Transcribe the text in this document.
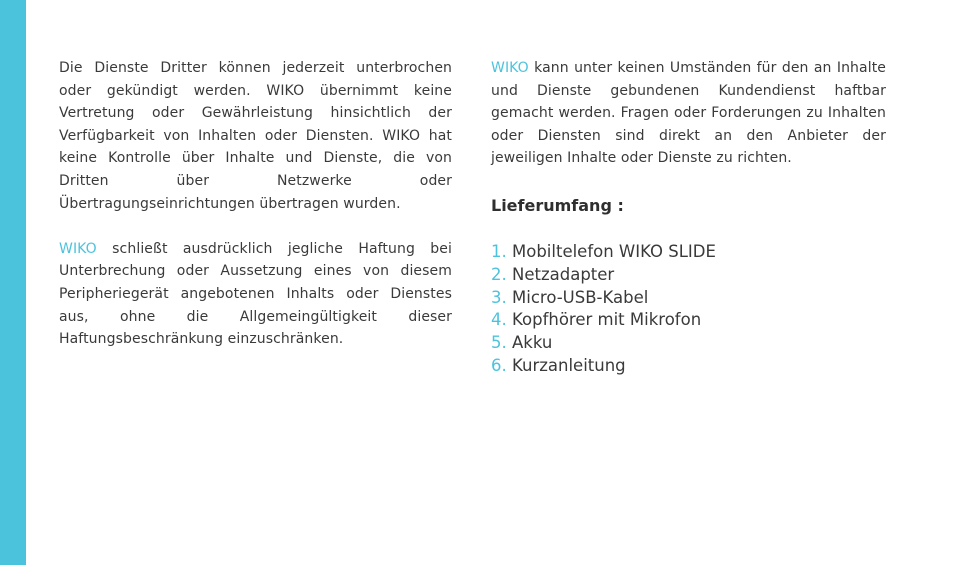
Die Dienste Dritter können jederzeit unterbrochen oder gekündigt werden. WIKO übernimmt keine Vertretung oder Gewährleistung hinsichtlich der Verfügbarkeit von Inhalten oder Diensten. WIKO hat keine Kontrolle über Inhalte und Dienste, die von Dritten über Netzwerke oder Übertragungseinrichtungen übertragen wurden.

WIKO schließt ausdrücklich jegliche Haftung bei Unterbrechung oder Aussetzung eines von diesem Peripheriegerät angebotenen Inhalts oder Dienstes aus, ohne die Allgemeingültigkeit dieser Haftungsbeschränkung einzuschränken.

WIKO kann unter keinen Umständen für den an Inhalte und Dienste gebundenen Kundendienst haftbar gemacht werden. Fragen oder Forderungen zu Inhalten oder Diensten sind direkt an den Anbieter der jeweiligen Inhalte oder Dienste zu richten.

Lieferumfang :
1. Mobiltelefon WIKO SLIDE
2. Netzadapter
3. Micro-USB-Kabel
4. Kopfhörer mit Mikrofon
5. Akku
6. Kurzanleitung
